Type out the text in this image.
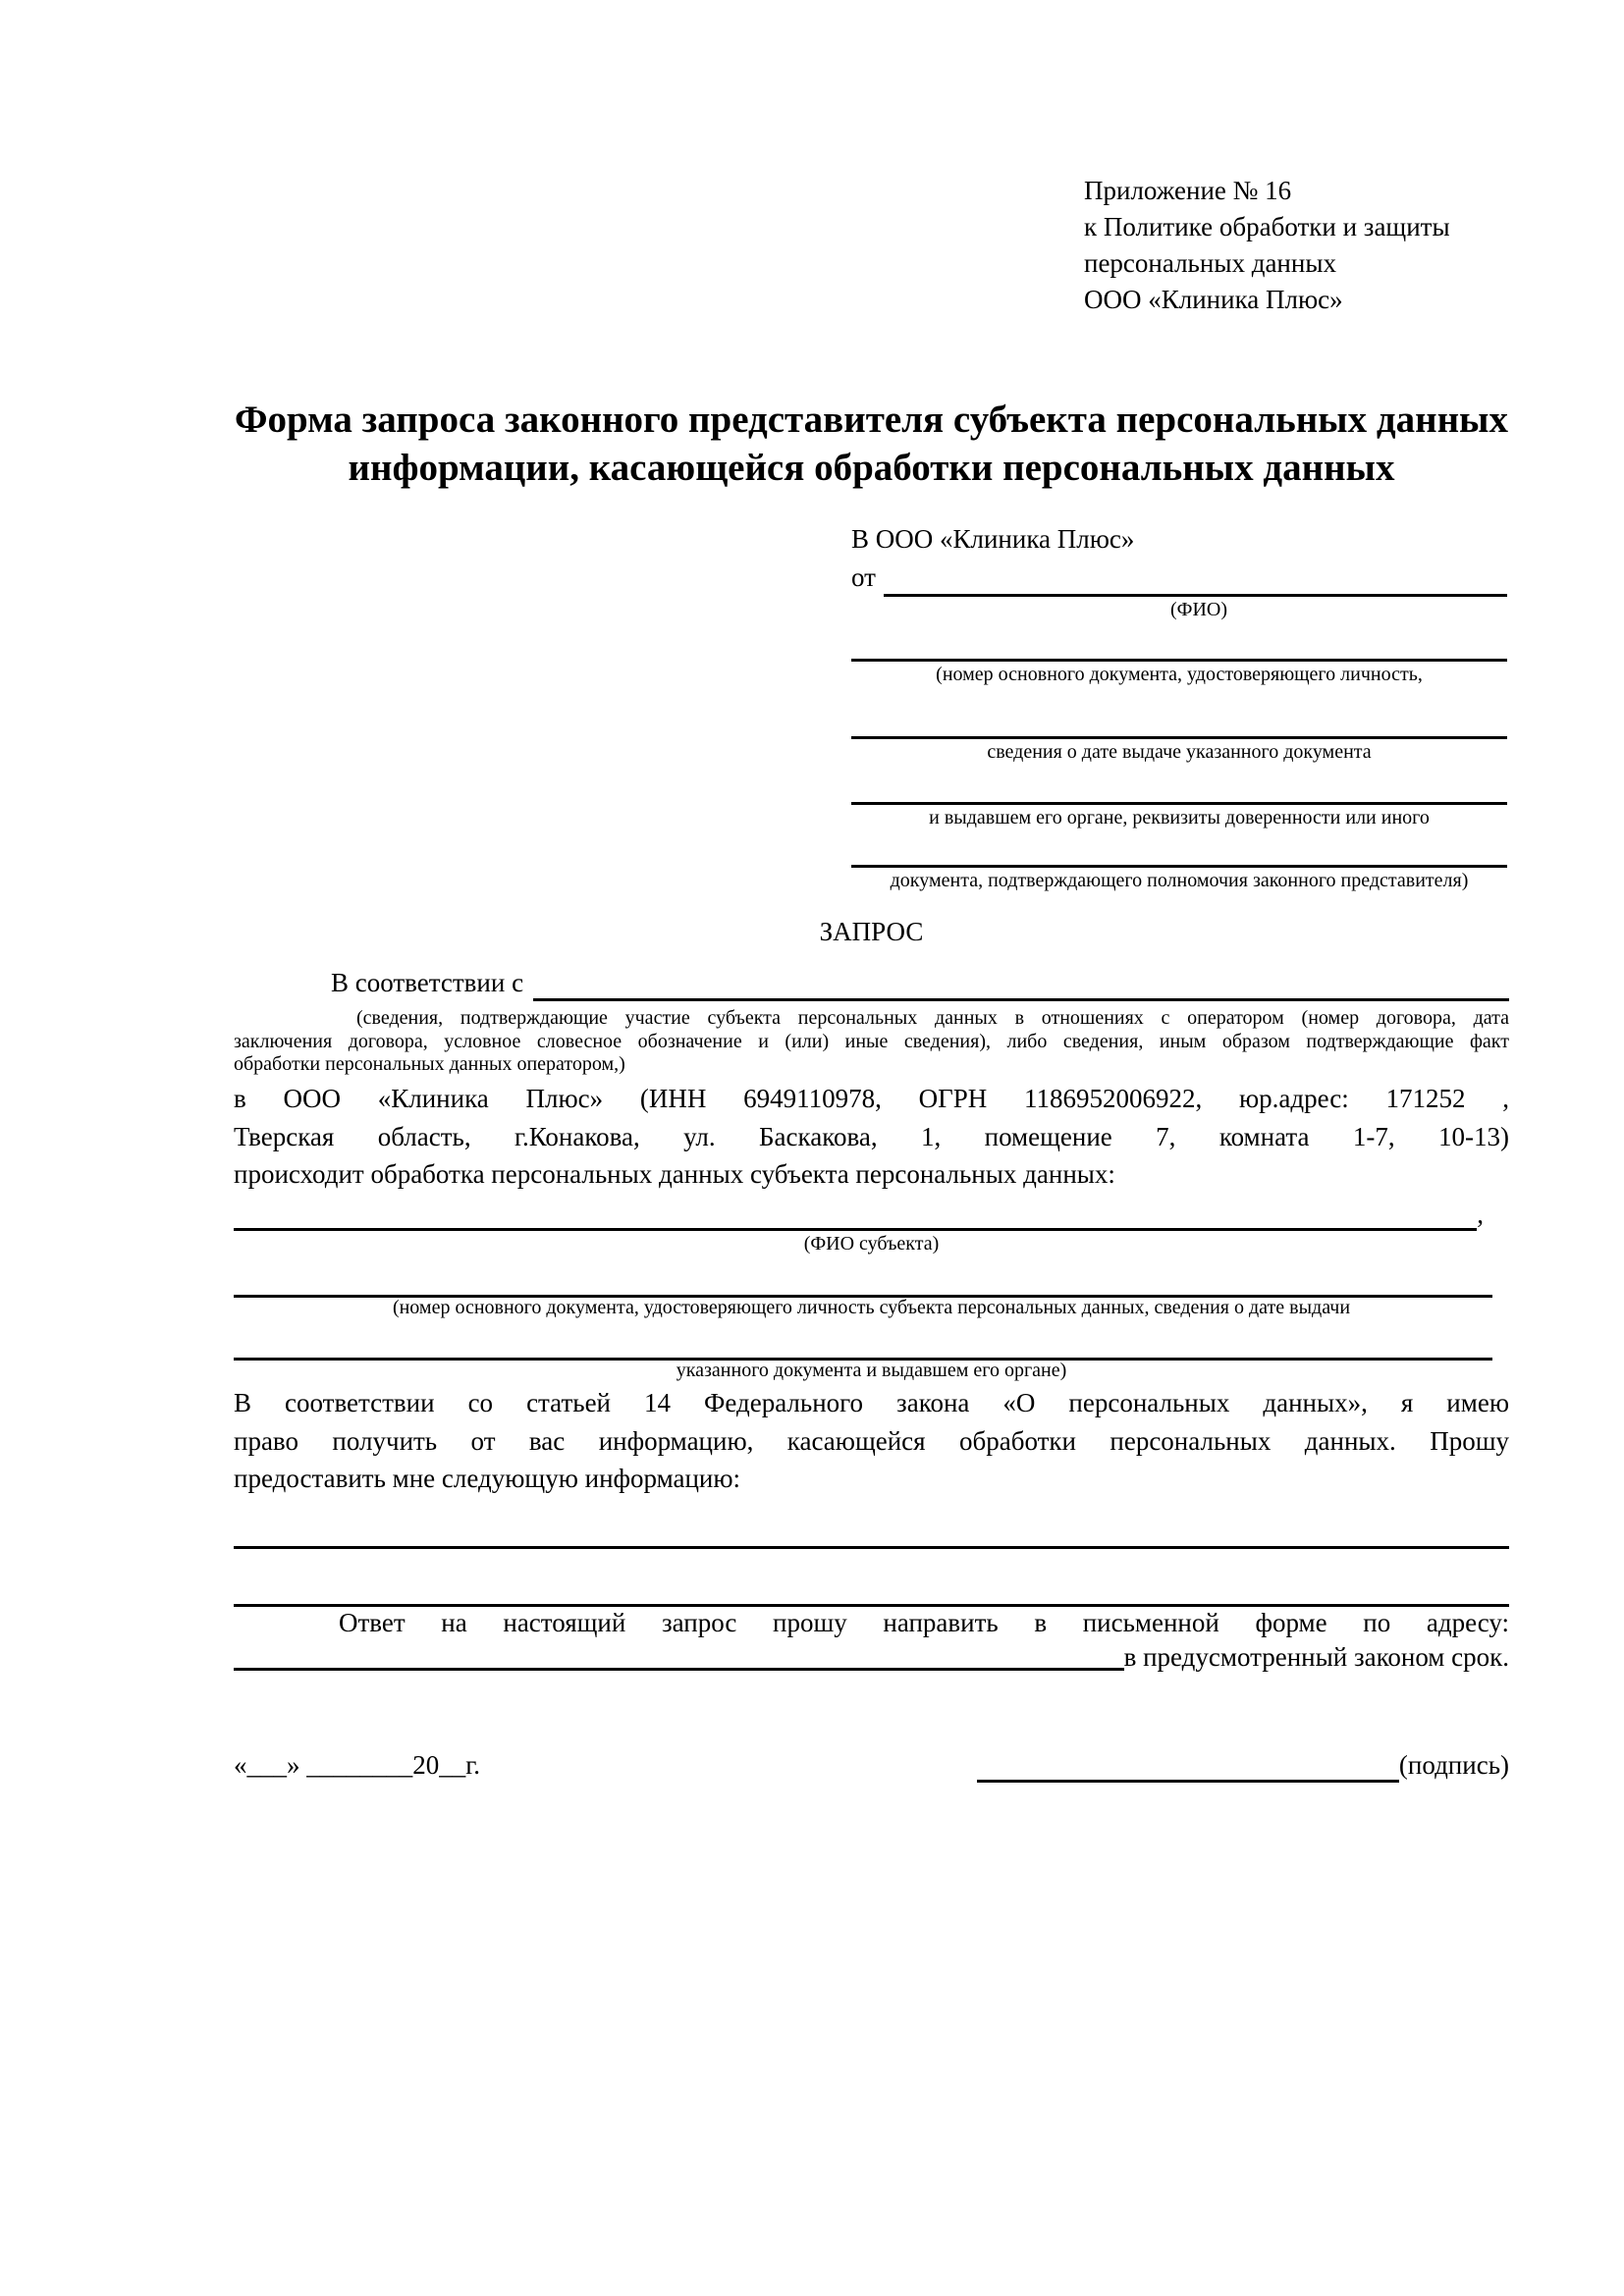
Приложение № 16
к Политике обработки и защиты
персональных данных
ООО «Клиника Плюс»
Форма запроса законного представителя субъекта персональных данных
информации, касающейся обработки персональных данных
В ООО «Клиника Плюс»
от
(ФИО)
(номер основного документа, удостоверяющего личность,
сведения о дате выдаче указанного документа
и выдавшем его органе, реквизиты доверенности или иного
документа, подтверждающего полномочия законного представителя)
ЗАПРОС
В соответствии с
(сведения, подтверждающие участие субъекта персональных данных в отношениях с оператором (номер договора, дата
заключения договора, условное словесное обозначение и (или) иные сведения), либо сведения, иным образом подтверждающие факт
обработки персональных данных оператором,)
в ООО «Клиника Плюс» (ИНН 6949110978, ОГРН 1186952006922, юр.адрес: 171252 ,
Тверская область, г.Конакова, ул. Баскакова, 1, помещение 7, комната 1-7, 10-13)
происходит обработка персональных данных субъекта персональных данных:
,
(ФИО субъекта)
(номер основного документа, удостоверяющего личность субъекта персональных данных, сведения о дате выдачи
указанного документа и выдавшем его органе)
В соответствии со статьей 14 Федерального закона «О персональных данных», я имею
право получить от вас информацию, касающейся обработки персональных данных. Прошу
предоставить мне следующую информацию:
Ответ на настоящий запрос прошу направить в письменной форме по адресу:
в предусмотренный законом срок.
«___» ________20__г.	(подпись)
